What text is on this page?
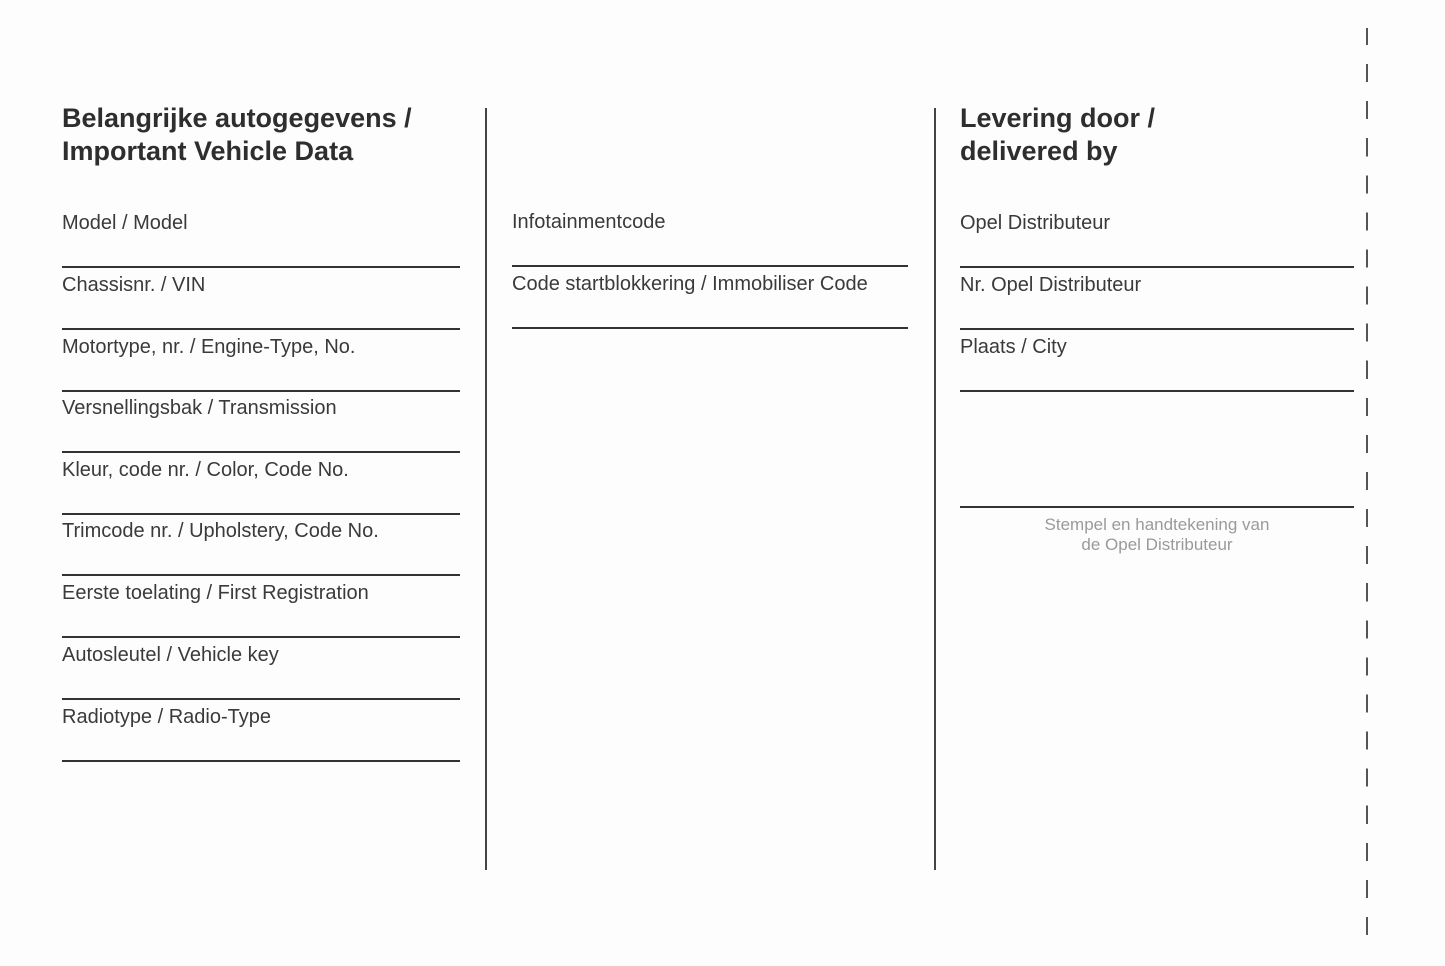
Belangrijke autogegevens /
Important Vehicle Data
Model / Model
Chassisnr. / VIN
Motortype, nr. / Engine-Type, No.
Versnellingsbak / Transmission
Kleur, code nr. / Color, Code No.
Trimcode nr. / Upholstery, Code No.
Eerste toelating / First Registration
Autosleutel / Vehicle key
Radiotype / Radio-Type
Infotainmentcode
Code startblokkering / Immobiliser Code
Levering door /
delivered by
Opel Distributeur
Nr. Opel Distributeur
Plaats / City
Stempel en handtekening van
de Opel Distributeur
